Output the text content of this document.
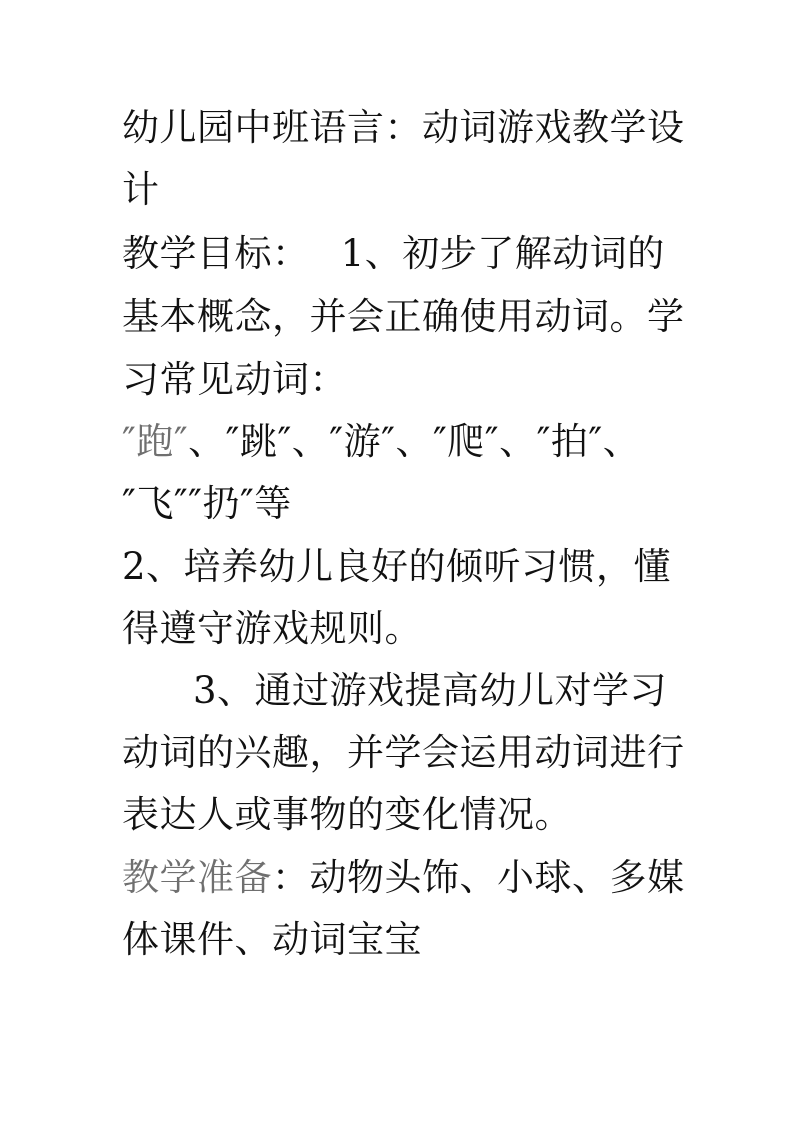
幼儿园中班语言：动词游戏教学设

计

教学目标：　 1、初步了解动词的

基本概念，并会正确使用动词。学

习常见动词：

″跑″、″跳″、″游″、″爬″、″拍″、

″飞″″扔″等

2、培养幼儿良好的倾听习惯，懂

得遵守游戏规则。

3、通过游戏提高幼儿对学习

动词的兴趣，并学会运用动词进行

表达人或事物的变化情况。

教学准备：动物头饰、小球、多媒

体课件、动词宝宝
